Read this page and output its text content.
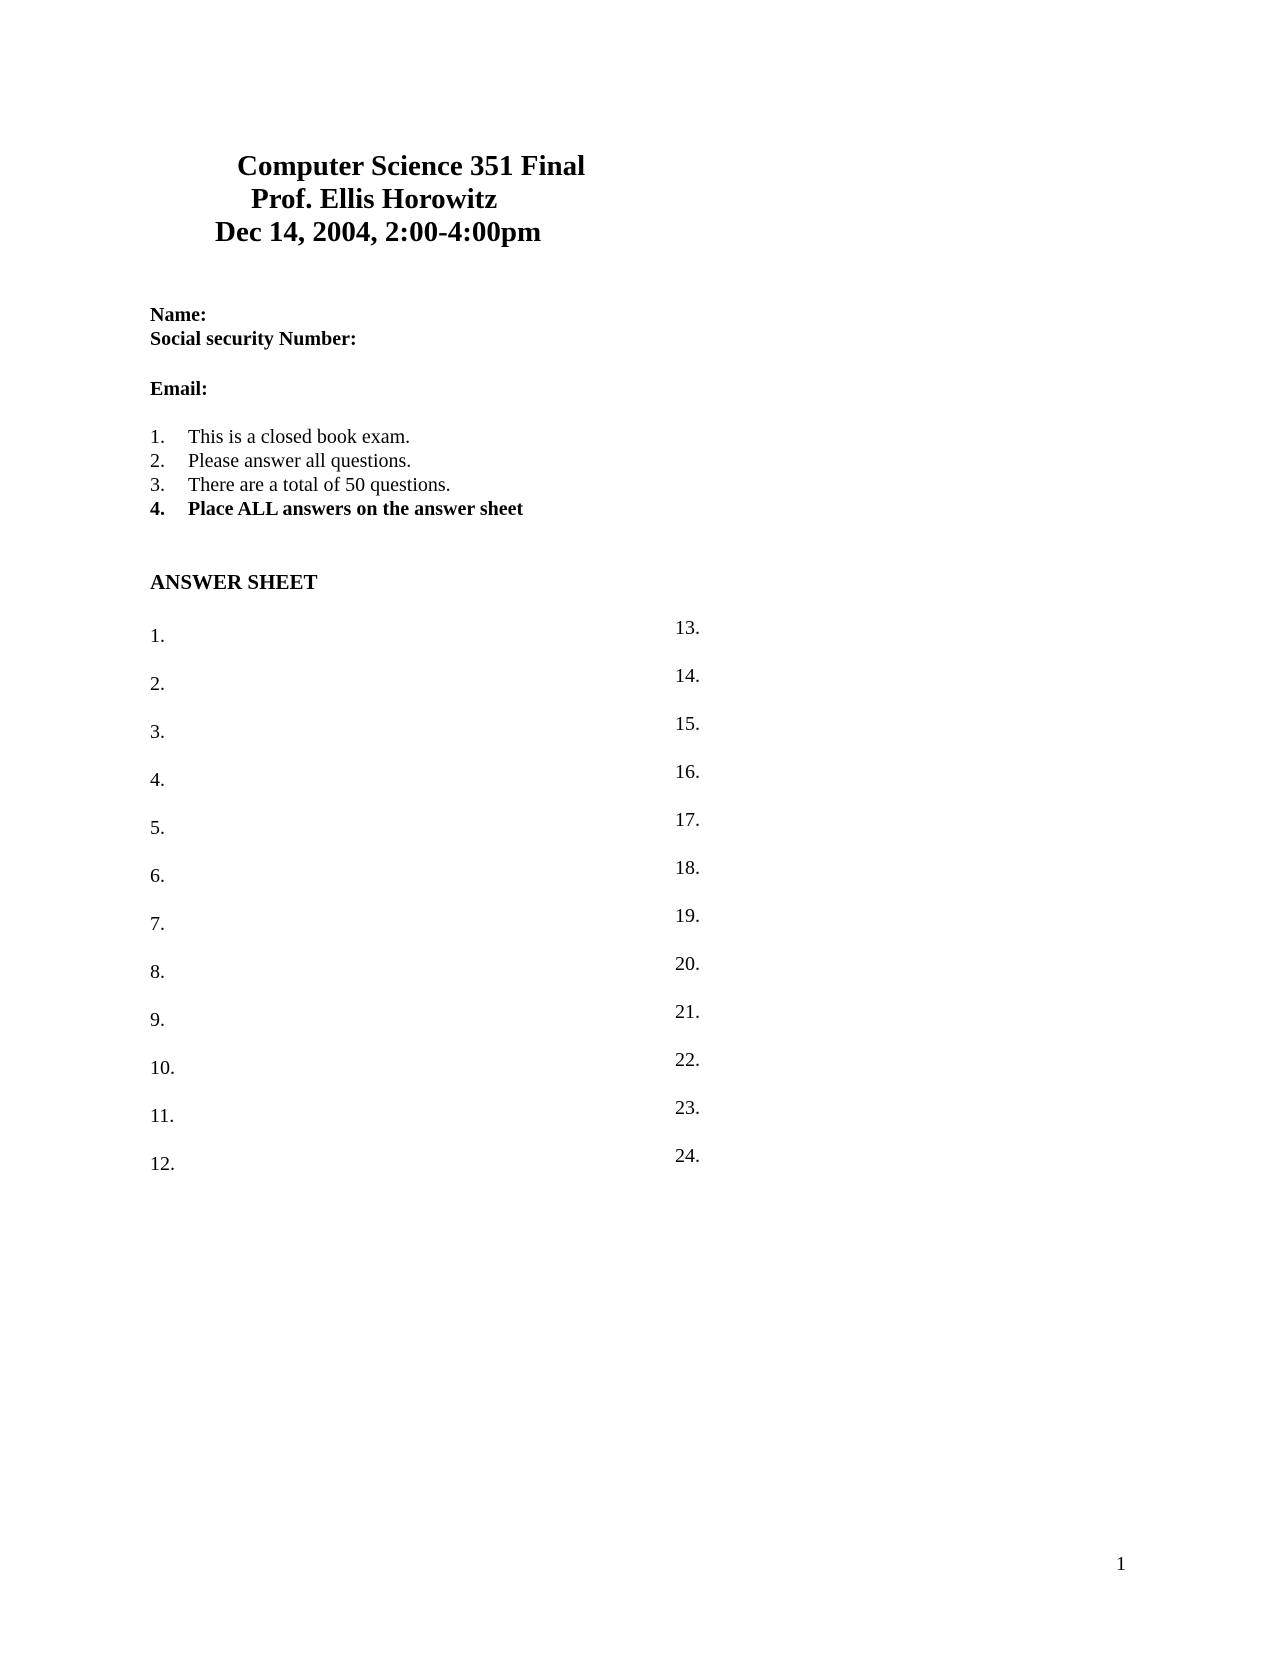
Computer Science 351 Final
Prof. Ellis Horowitz
Dec 14, 2004, 2:00-4:00pm
Name:
Social security Number:
Email:
1. This is a closed book exam.
2. Please answer all questions.
3. There are a total of 50 questions.
4. Place ALL answers on the answer sheet
ANSWER SHEET
1.
2.
3.
4.
5.
6.
7.
8.
9.
10.
11.
12.
13.
14.
15.
16.
17.
18.
19.
20.
21.
22.
23.
24.
1
